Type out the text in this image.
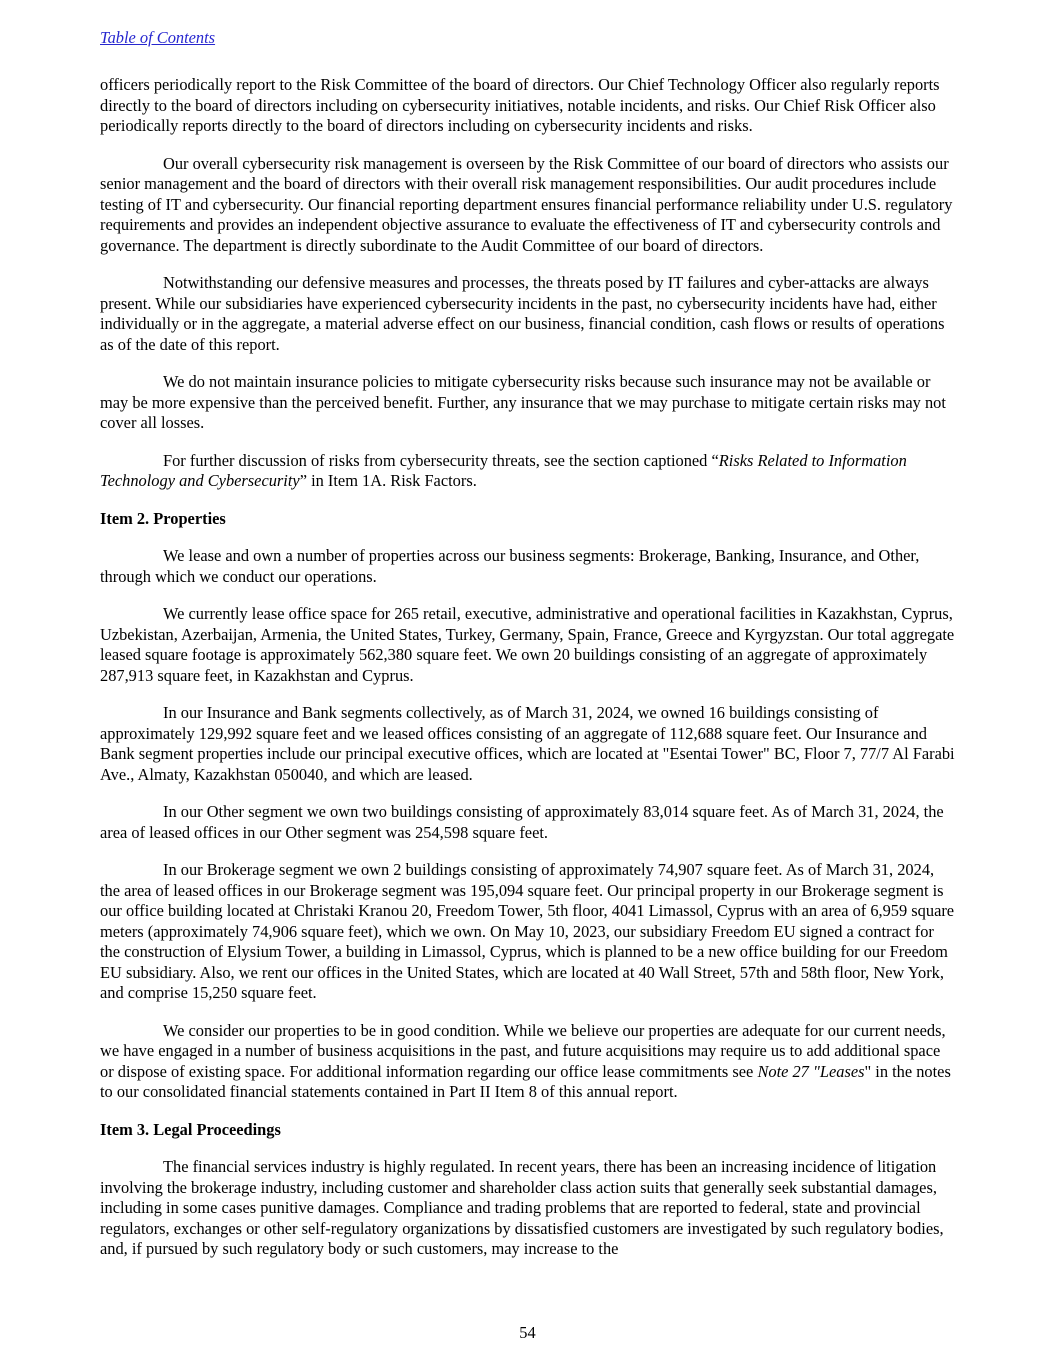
Table of Contents

officers periodically report to the Risk Committee of the board of directors. Our Chief Technology Officer also regularly reports directly to the board of directors including on cybersecurity initiatives, notable incidents, and risks. Our Chief Risk Officer also periodically reports directly to the board of directors including on cybersecurity incidents and risks.

Our overall cybersecurity risk management is overseen by the Risk Committee of our board of directors who assists our senior management and the board of directors with their overall risk management responsibilities. Our audit procedures include testing of IT and cybersecurity. Our financial reporting department ensures financial performance reliability under U.S. regulatory requirements and provides an independent objective assurance to evaluate the effectiveness of IT and cybersecurity controls and governance. The department is directly subordinate to the Audit Committee of our board of directors.

Notwithstanding our defensive measures and processes, the threats posed by IT failures and cyber-attacks are always present. While our subsidiaries have experienced cybersecurity incidents in the past, no cybersecurity incidents have had, either individually or in the aggregate, a material adverse effect on our business, financial condition, cash flows or results of operations as of the date of this report.

We do not maintain insurance policies to mitigate cybersecurity risks because such insurance may not be available or may be more expensive than the perceived benefit. Further, any insurance that we may purchase to mitigate certain risks may not cover all losses.

For further discussion of risks from cybersecurity threats, see the section captioned “Risks Related to Information Technology and Cybersecurity” in Item 1A. Risk Factors.

Item 2. Properties

We lease and own a number of properties across our business segments: Brokerage, Banking, Insurance, and Other, through which we conduct our operations.

We currently lease office space for 265 retail, executive, administrative and operational facilities in Kazakhstan, Cyprus, Uzbekistan, Azerbaijan, Armenia, the United States, Turkey, Germany, Spain, France, Greece and Kyrgyzstan. Our total aggregate leased square footage is approximately 562,380 square feet. We own 20 buildings consisting of an aggregate of approximately 287,913 square feet, in Kazakhstan and Cyprus.

In our Insurance and Bank segments collectively, as of March 31, 2024, we owned 16 buildings consisting of approximately 129,992 square feet and we leased offices consisting of an aggregate of 112,688 square feet. Our Insurance and Bank segment properties include our principal executive offices, which are located at "Esentai Tower" BC, Floor 7, 77/7 Al Farabi Ave., Almaty, Kazakhstan 050040, and which are leased.

In our Other segment we own two buildings consisting of approximately 83,014 square feet. As of March 31, 2024, the area of leased offices in our Other segment was 254,598 square feet.

In our Brokerage segment we own 2 buildings consisting of approximately 74,907 square feet. As of March 31, 2024, the area of leased offices in our Brokerage segment was 195,094 square feet. Our principal property in our Brokerage segment is our office building located at Christaki Kranou 20, Freedom Tower, 5th floor, 4041 Limassol, Cyprus with an area of 6,959 square meters (approximately 74,906 square feet), which we own. On May 10, 2023, our subsidiary Freedom EU signed a contract for the construction of Elysium Tower, a building in Limassol, Cyprus, which is planned to be a new office building for our Freedom EU subsidiary. Also, we rent our offices in the United States, which are located at 40 Wall Street, 57th and 58th floor, New York, and comprise 15,250 square feet.

We consider our properties to be in good condition. While we believe our properties are adequate for our current needs, we have engaged in a number of business acquisitions in the past, and future acquisitions may require us to add additional space or dispose of existing space. For additional information regarding our office lease commitments see Note 27 "Leases" in the notes to our consolidated financial statements contained in Part II Item 8 of this annual report.

Item 3. Legal Proceedings

The financial services industry is highly regulated. In recent years, there has been an increasing incidence of litigation involving the brokerage industry, including customer and shareholder class action suits that generally seek substantial damages, including in some cases punitive damages. Compliance and trading problems that are reported to federal, state and provincial regulators, exchanges or other self-regulatory organizations by dissatisfied customers are investigated by such regulatory bodies, and, if pursued by such regulatory body or such customers, may increase to the

54
